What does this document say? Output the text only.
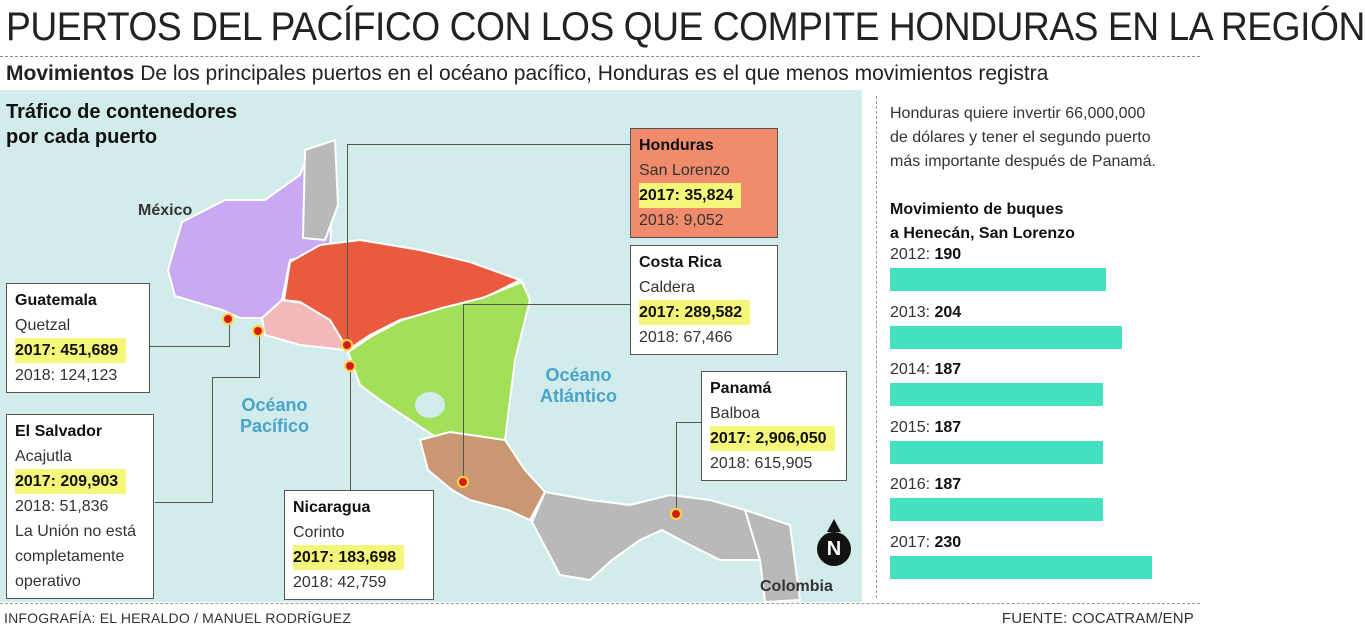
PUERTOS DEL PACÍFICO CON LOS QUE COMPITE HONDURAS EN LA REGIÓN
Movimientos De los principales puertos en el océano pacífico, Honduras es el que menos movimientos registra
Tráfico de contenedores
por cada puerto
México
Colombia
Océano
Pacífico
Océano
Atlántico
N
Guatemala
Quetzal
2017: 451,689
2018: 124,123
El Salvador
Acajutla
2017: 209,903
2018: 51,836
La Unión no está
completamente
operativo
Honduras
San Lorenzo
2017: 35,824
2018: 9,052
Costa Rica
Caldera
2017: 289,582
2018: 67,466
Nicaragua
Corinto
2017: 183,698
2018: 42,759
Panamá
Balboa
2017: 2,906,050
2018: 615,905
Honduras quiere invertir 66,000,000
de dólares y tener el segundo puerto
más importante después de Panamá.
Movimiento de buques
a Henecán, San Lorenzo
2012: 190
2013: 204
2014: 187
2015: 187
2016: 187
2017: 230
INFOGRAFÍA: EL HERALDO / MANUEL RODRÍGUEZ	FUENTE: COCATRAM/ENP
